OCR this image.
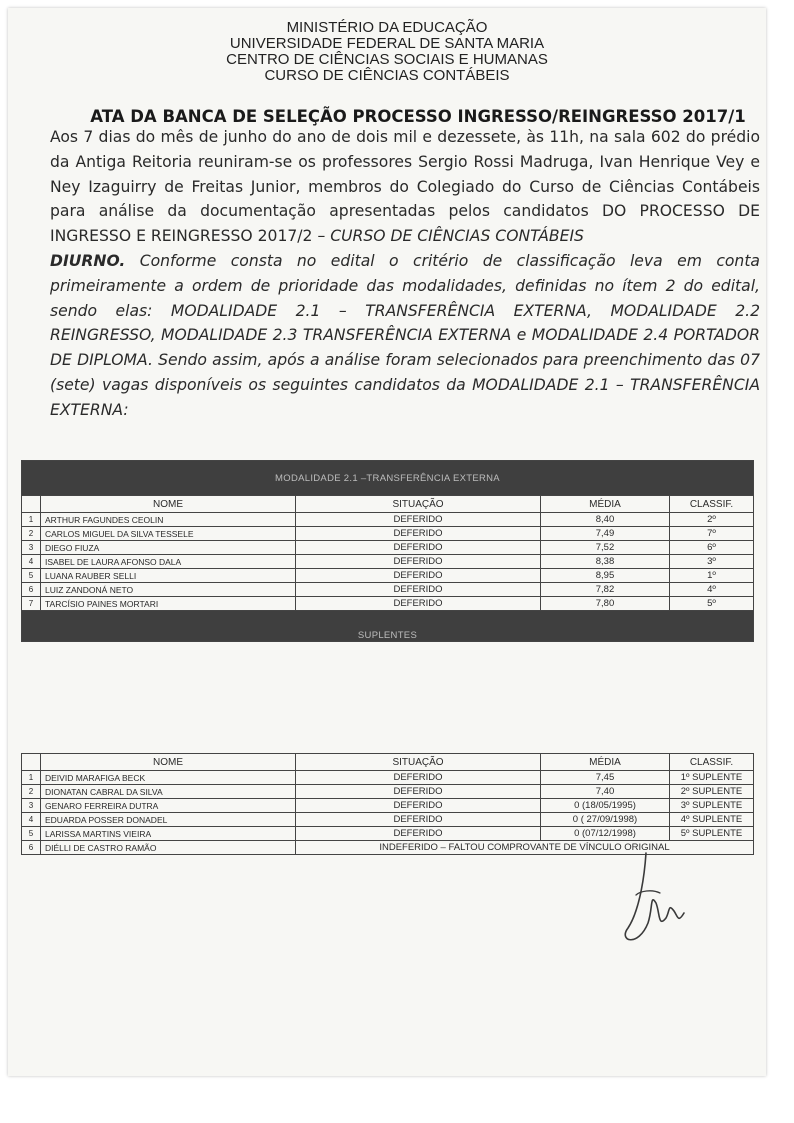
MINISTÉRIO DA EDUCAÇÃO
UNIVERSIDADE FEDERAL DE SANTA MARIA
CENTRO DE CIÊNCIAS SOCIAIS E HUMANAS
CURSO DE CIÊNCIAS CONTÁBEIS
ATA DA BANCA DE SELEÇÃO PROCESSO INGRESSO/REINGRESSO 2017/1

Aos 7 dias do mês de junho do ano de dois mil e dezessete, às 11h, na sala 602 do prédio da Antiga Reitoria reuniram-se os professores Sergio Rossi Madruga, Ivan Henrique Vey e Ney Izaguirry de Freitas Junior, membros do Colegiado do Curso de Ciências Contábeis para análise da documentação apresentadas pelos candidatos DO PROCESSO DE INGRESSO E REINGRESSO 2017/2 – CURSO DE CIÊNCIAS CONTÁBEIS
DIURNO. Conforme consta no edital o critério de classificação leva em conta primeiramente a ordem de prioridade das modalidades, definidas no ítem 2 do edital, sendo elas: MODALIDADE 2.1 – TRANSFERÊNCIA EXTERNA, MODALIDADE 2.2 REINGRESSO, MODALIDADE 2.3 TRANSFERÊNCIA EXTERNA e MODALIDADE 2.4 PORTADOR DE DIPLOMA. Sendo assim, após a análise foram selecionados para preenchimento das 07 (sete) vagas disponíveis os seguintes candidatos da MODALIDADE 2.1 – TRANSFERÊNCIA EXTERNA:

MODALIDADE 2.1 –TRANSFERÊNCIA EXTERNA				
	NOME	SITUAÇÃO	MÉDIA	CLASSIF.
1	ARTHUR FAGUNDES CEOLIN	DEFERIDO	8,40	2º
2	CARLOS MIGUEL DA SILVA TESSELE	DEFERIDO	7,49	7º
3	DIEGO FIUZA	DEFERIDO	7,52	6º
4	ISABEL DE LAURA AFONSO DALA	DEFERIDO	8,38	3º
5	LUANA RAUBER SELLI	DEFERIDO	8,95	1º
6	LUIZ ZANDONÁ NETO	DEFERIDO	7,82	4º
7	TARCÍSIO PAINES MORTARI	DEFERIDO	7,80	5º
SUPLENTES				
	NOME	SITUAÇÃO	MÉDIA	CLASSIF.
1	DEIVID MARAFIGA BECK	DEFERIDO	7,45	1º SUPLENTE
2	DIONATAN CABRAL DA SILVA	DEFERIDO	7,40	2º SUPLENTE
3	GENARO FERREIRA DUTRA	DEFERIDO	0 (18/05/1995)	3º SUPLENTE
4	EDUARDA POSSER DONADEL	DEFERIDO	0 ( 27/09/1998)	4º SUPLENTE
5	LARISSA MARTINS VIEIRA	DEFERIDO	0 (07/12/1998)	5º SUPLENTE
6	DIÉLLI DE CASTRO RAMÃO	INDEFERIDO – FALTOU COMPROVANTE DE VÍNCULO ORIGINAL		
